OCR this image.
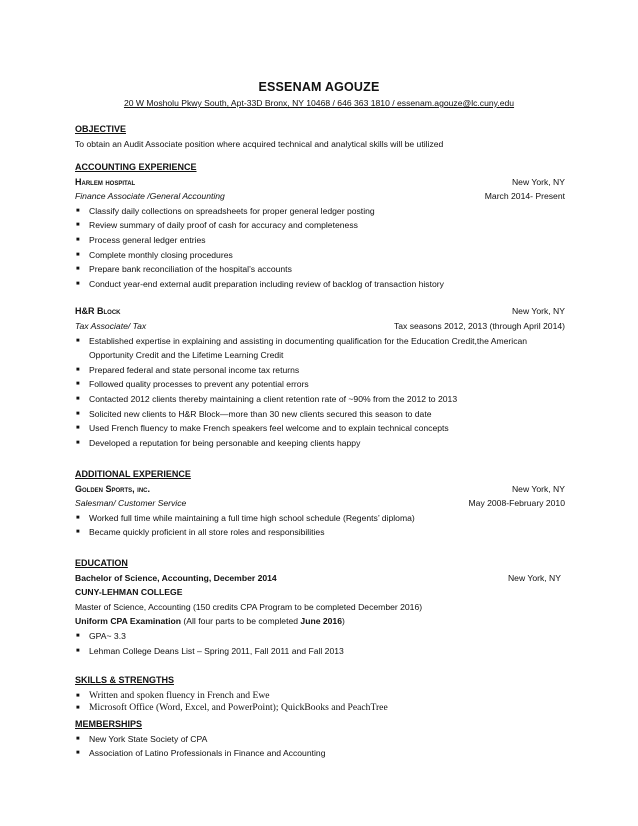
ESSENAM AGOUZE
20 W Mosholu Pkwy South, Apt-33D Bronx, NY 10468 / 646 363 1810 / essenam.agouze@lc.cuny.edu
OBJECTIVE
To obtain an Audit Associate position where acquired technical and analytical skills will be utilized
ACCOUNTING EXPERIENCE
Harlem hospital	New York, NY
Finance Associate /General Accounting	March 2014- Present
■ Classify daily collections on spreadsheets for proper general ledger posting
■ Review summary of daily proof of cash for accuracy and completeness
■ Process general ledger entries
■ Complete monthly closing procedures
■ Prepare bank reconciliation of the hospital’s accounts
■ Conduct year-end external audit preparation including review of backlog of transaction history
H&R Block	New York, NY
Tax Associate/ Tax	Tax seasons 2012, 2013 (through April 2014)
■ Established expertise in explaining and assisting in documenting qualification for the Education Credit,the American Opportunity Credit and the Lifetime Learning Credit
■ Prepared federal and state personal income tax returns
■ Followed quality processes to prevent any potential errors
■ Contacted 2012 clients thereby maintaining a client retention rate of ~90% from the 2012 to 2013
■ Solicited new clients to H&R Block—more than 30 new clients secured this season to date
■ Used French fluency to make French speakers feel welcome and to explain technical concepts
■ Developed a reputation for being personable and keeping clients happy
ADDITIONAL EXPERIENCE
Golden Sports, inc.	New York, NY
Salesman/ Customer Service	May 2008-February 2010
■ Worked full time while maintaining a full time high school schedule (Regents’ diploma)
■ Became quickly proficient in all store roles and responsibilities
EDUCATION
Bachelor of Science, Accounting, December 2014	New York, NY
CUNY-LEHMAN COLLEGE
Master of Science, Accounting (150 credits CPA Program to be completed December 2016)
Uniform CPA Examination (All four parts to be completed June 2016)
■ GPA~ 3.3
■ Lehman College Deans List – Spring 2011, Fall 2011 and Fall 2013
SKILLS & STRENGTHS
■ Written and spoken fluency in French and Ewe
■ Microsoft Office (Word, Excel, and PowerPoint); QuickBooks and PeachTree
MEMBERSHIPS
■ New York State Society of CPA
■ Association of Latino Professionals in Finance and Accounting
